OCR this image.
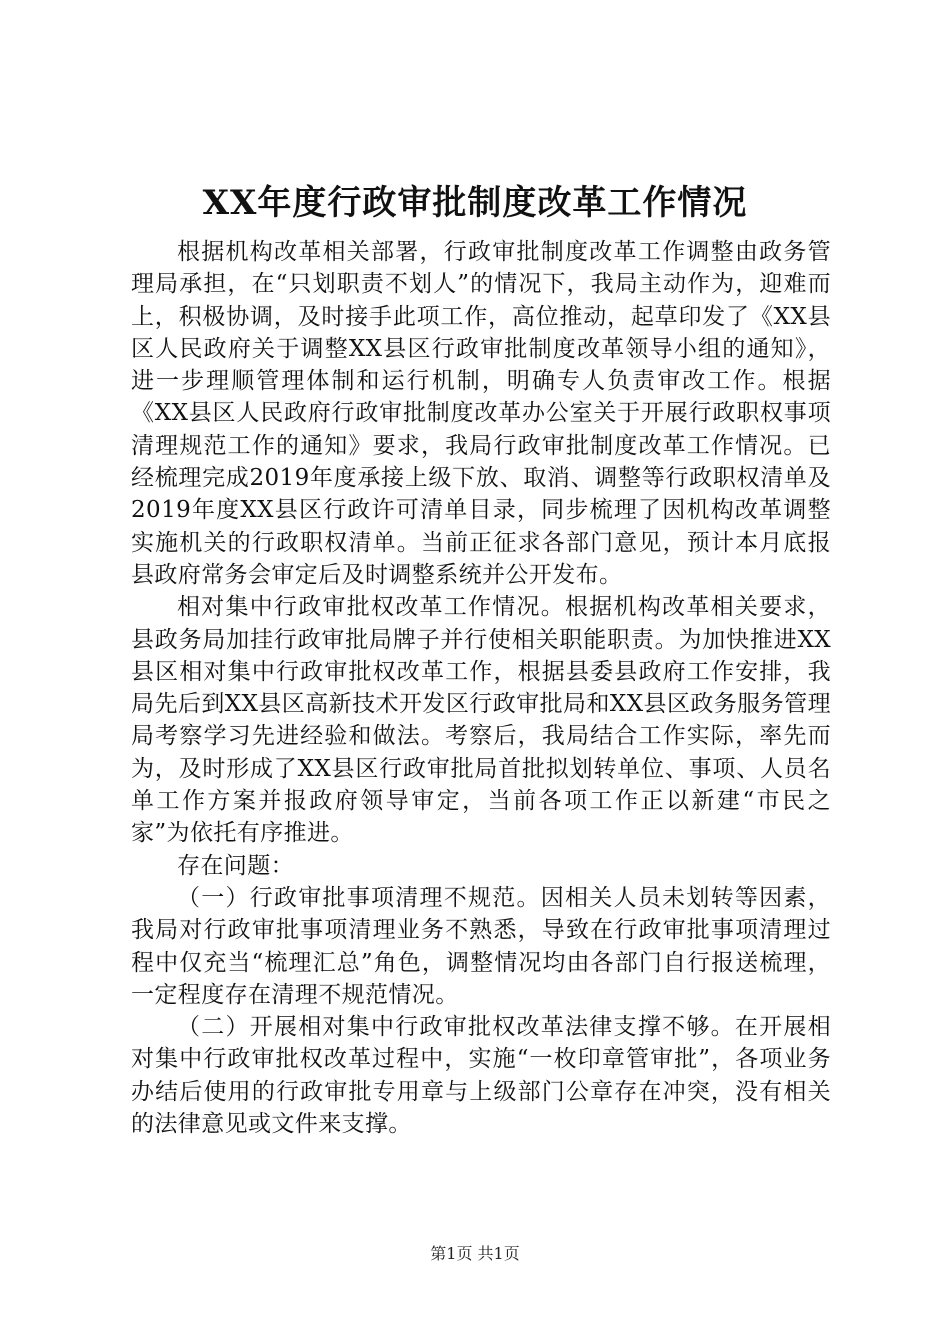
XX年度行政审批制度改革工作情况

根据机构改革相关部署，行政审批制度改革工作调整由政务管理局承担，在“只划职责不划人”的情况下，我局主动作为，迎难而上，积极协调，及时接手此项工作，高位推动，起草印发了《XX县区人民政府关于调整XX县区行政审批制度改革领导小组的通知》，进一步理顺管理体制和运行机制，明确专人负责审改工作。根据《XX县区人民政府行政审批制度改革办公室关于开展行政职权事项清理规范工作的通知》要求，我局行政审批制度改革工作情况。已经梳理完成2019年度承接上级下放、取消、调整等行政职权清单及2019年度XX县区行政许可清单目录，同步梳理了因机构改革调整实施机关的行政职权清单。当前正征求各部门意见，预计本月底报县政府常务会审定后及时调整系统并公开发布。

相对集中行政审批权改革工作情况。根据机构改革相关要求，县政务局加挂行政审批局牌子并行使相关职能职责。为加快推进XX县区相对集中行政审批权改革工作，根据县委县政府工作安排，我局先后到XX县区高新技术开发区行政审批局和XX县区政务服务管理局考察学习先进经验和做法。考察后，我局结合工作实际，率先而为，及时形成了XX县区行政审批局首批拟划转单位、事项、人员名单工作方案并报政府领导审定，当前各项工作正以新建“市民之家”为依托有序推进。

存在问题：

（一）行政审批事项清理不规范。因相关人员未划转等因素，我局对行政审批事项清理业务不熟悉，导致在行政审批事项清理过程中仅充当“梳理汇总”角色，调整情况均由各部门自行报送梳理，一定程度存在清理不规范情况。

（二）开展相对集中行政审批权改革法律支撑不够。在开展相对集中行政审批权改革过程中，实施“一枚印章管审批”，各项业务办结后使用的行政审批专用章与上级部门公章存在冲突，没有相关的法律意见或文件来支撑。

第1页 共1页
